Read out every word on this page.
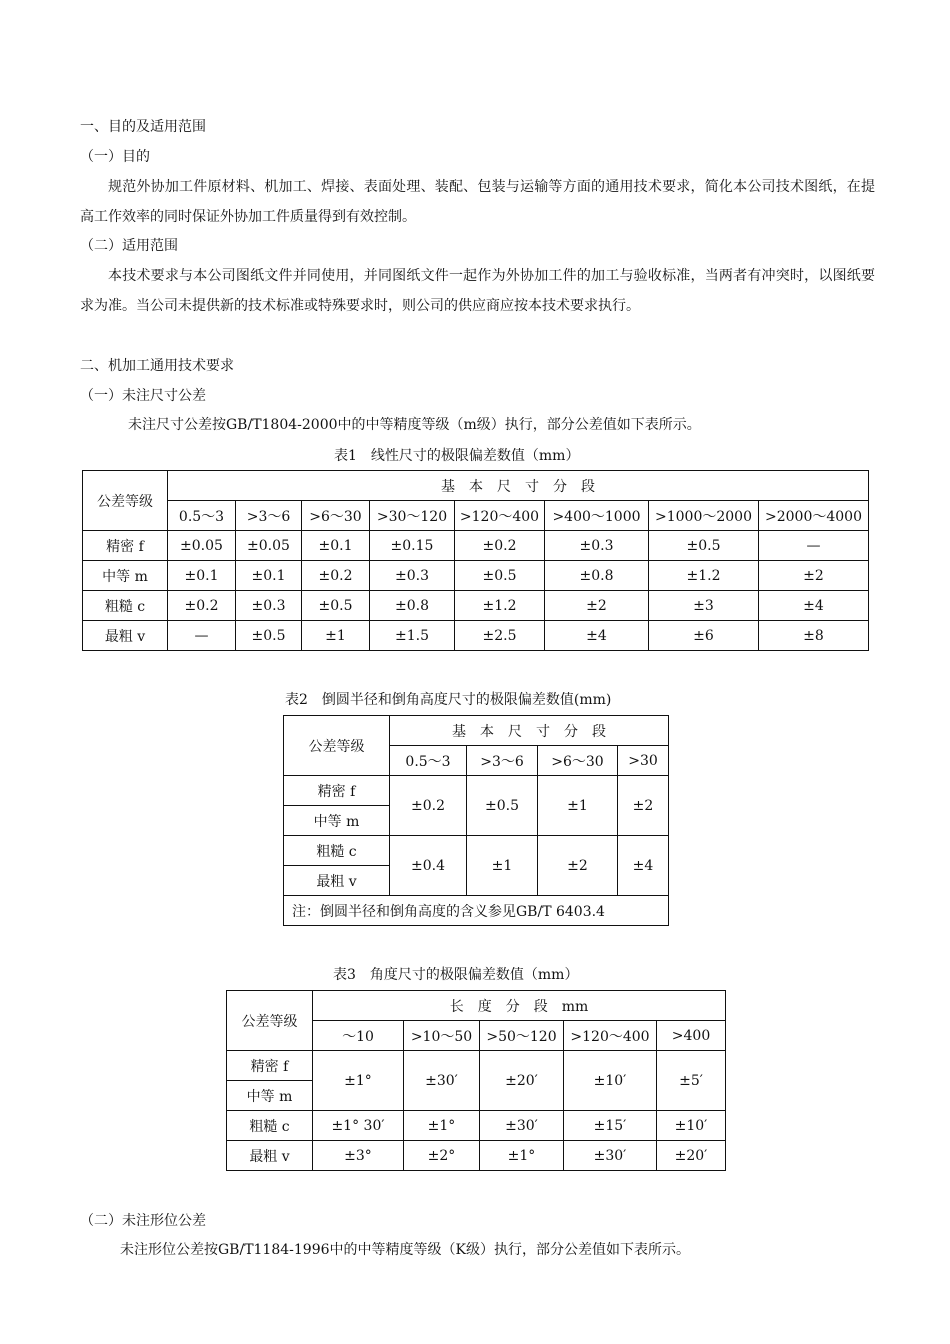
一、目的及适用范围
（一）目的
规范外协加工件原材料、机加工、焊接、表面处理、装配、包装与运输等方面的通用技术要求，简化本公司技术图纸，在提高工作效率的同时保证外协加工件质量得到有效控制。
（二）适用范围
本技术要求与本公司图纸文件并同使用，并同图纸文件一起作为外协加工件的加工与验收标准，当两者有冲突时，以图纸要求为准。当公司未提供新的技术标准或特殊要求时，则公司的供应商应按本技术要求执行。
二、机加工通用技术要求
（一）未注尺寸公差
未注尺寸公差按GB/T1804-2000中的中等精度等级（m级）执行，部分公差值如下表所示。
表1　线性尺寸的极限偏差数值（mm）
公差等级	基　本　尺　寸　分　段							
	0.5～3	>3～6	>6～30	>30～120	>120～400	>400～1000	>1000～2000	>2000～4000
精密 f	±0.05	±0.05	±0.1	±0.15	±0.2	±0.3	±0.5	—
中等 m	±0.1	±0.1	±0.2	±0.3	±0.5	±0.8	±1.2	±2
粗糙 c	±0.2	±0.3	±0.5	±0.8	±1.2	±2	±3	±4
最粗 v	—	±0.5	±1	±1.5	±2.5	±4	±6	±8
表2　倒圆半径和倒角高度尺寸的极限偏差数值(mm)
公差等级	基　本　尺　寸　分　段			
	0.5～3	>3～6	>6～30	>30
精密 f	±0.2	±0.5	±1	±2
中等 m				
粗糙 c	±0.4	±1	±2	±4
最粗 v				
注：倒圆半径和倒角高度的含义参见GB/T 6403.4				
表3　角度尺寸的极限偏差数值（mm）
公差等级	长　度　分　段　mm				
	～10	>10～50	>50～120	>120～400	>400
精密 f	±1°	±30′	±20′	±10′	±5′
中等 m					
粗糙 c	±1° 30′	±1°	±30′	±15′	±10′
最粗 v	±3°	±2°	±1°	±30′	±20′
（二）未注形位公差
未注形位公差按GB/T1184-1996中的中等精度等级（K级）执行，部分公差值如下表所示。
